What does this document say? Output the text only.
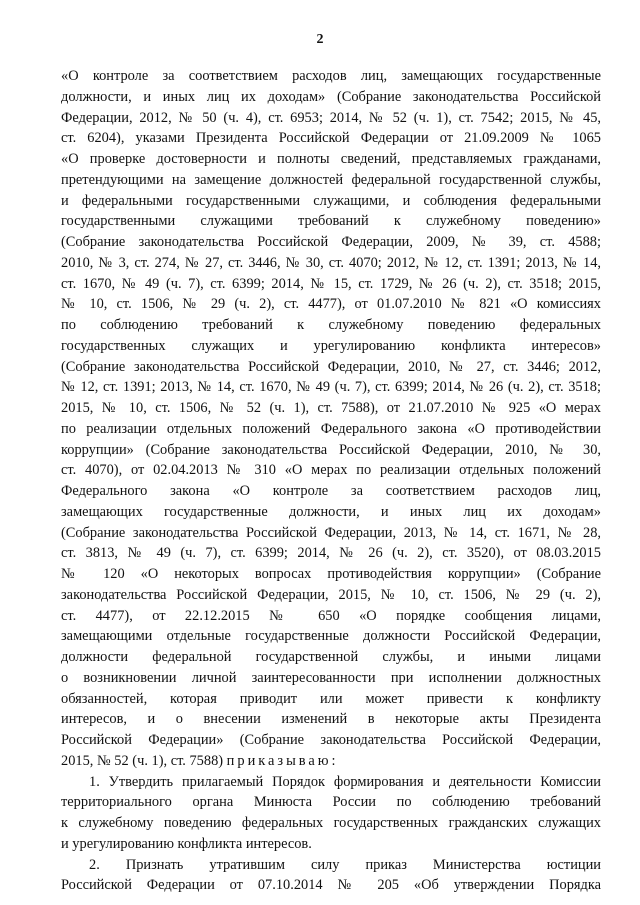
2
«О контроле за соответствием расходов лиц, замещающих государственные
должности, и иных лиц их доходам» (Собрание законодательства Российской
Федерации, 2012, № 50 (ч. 4), ст. 6953; 2014, № 52 (ч. 1), ст. 7542; 2015, № 45,
ст. 6204), указами Президента Российской Федерации от 21.09.2009 № 1065
«О проверке достоверности и полноты сведений, представляемых гражданами,
претендующими на замещение должностей федеральной государственной службы,
и федеральными государственными служащими, и соблюдения федеральными
государственными служащими требований к служебному поведению»
(Собрание законодательства Российской Федерации, 2009, № 39, ст. 4588;
2010, № 3, ст. 274, № 27, ст. 3446, № 30, ст. 4070; 2012, № 12, ст. 1391; 2013, № 14,
ст. 1670, № 49 (ч. 7), ст. 6399; 2014, № 15, ст. 1729, № 26 (ч. 2), ст. 3518; 2015,
№ 10, ст. 1506, № 29 (ч. 2), ст. 4477), от 01.07.2010 № 821 «О комиссиях
по соблюдению требований к служебному поведению федеральных
государственных служащих и урегулированию конфликта интересов»
(Собрание законодательства Российской Федерации, 2010, № 27, ст. 3446; 2012,
№ 12, ст. 1391; 2013, № 14, ст. 1670, № 49 (ч. 7), ст. 6399; 2014, № 26 (ч. 2), ст. 3518;
2015, № 10, ст. 1506, № 52 (ч. 1), ст. 7588), от 21.07.2010 № 925 «О мерах
по реализации отдельных положений Федерального закона «О противодействии
коррупции» (Собрание законодательства Российской Федерации, 2010, № 30,
ст. 4070), от 02.04.2013 № 310 «О мерах по реализации отдельных положений
Федерального закона «О контроле за соответствием расходов лиц,
замещающих государственные должности, и иных лиц их доходам»
(Собрание законодательства Российской Федерации, 2013, № 14, ст. 1671, № 28,
ст. 3813, № 49 (ч. 7), ст. 6399; 2014, № 26 (ч. 2), ст. 3520), от 08.03.2015
№ 120 «О некоторых вопросах противодействия коррупции» (Собрание
законодательства Российской Федерации, 2015, № 10, ст. 1506, № 29 (ч. 2),
ст. 4477), от 22.12.2015 № 650 «О порядке сообщения лицами,
замещающими отдельные государственные должности Российской Федерации,
должности федеральной государственной службы, и иными лицами
о возникновении личной заинтересованности при исполнении должностных
обязанностей, которая приводит или может привести к конфликту
интересов, и о внесении изменений в некоторые акты Президента
Российской Федерации» (Собрание законодательства Российской Федерации,
2015, № 52 (ч. 1), ст. 7588) приказываю:
1. Утвердить прилагаемый Порядок формирования и деятельности Комиссии
территориального органа Минюста России по соблюдению требований
к служебному поведению федеральных государственных гражданских служащих
и урегулированию конфликта интересов.
2. Признать утратившим силу приказ Министерства юстиции
Российской Федерации от 07.10.2014 № 205 «Об утверждении Порядка
